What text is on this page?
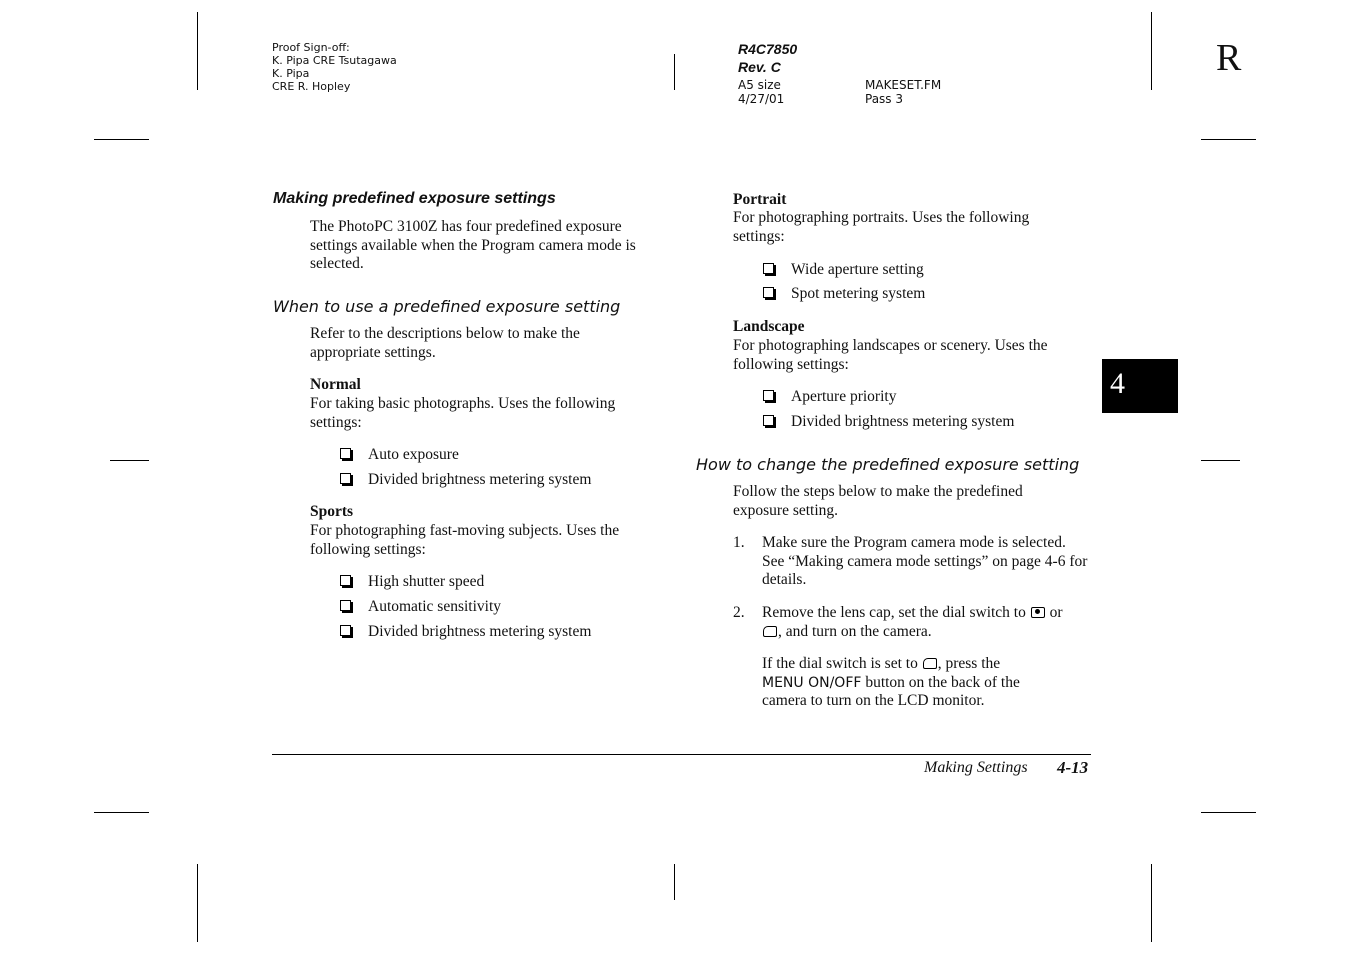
Proof Sign-off:
K. Pipa CRE Tsutagawa
K. Pipa
CRE R. Hopley
R4C7850
Rev. C
A5 size	MAKESET.FM
4/27/01	Pass 3
R
4
Making predefined exposure settings
The PhotoPC 3100Z has four predefined exposure settings available when the Program camera mode is selected.
When to use a predefined exposure setting
Refer to the descriptions below to make the appropriate settings.
Normal
For taking basic photographs. Uses the following settings:
Auto exposure
Divided brightness metering system
Sports
For photographing fast-moving subjects. Uses the following settings:
High shutter speed
Automatic sensitivity
Divided brightness metering system
Portrait
For photographing portraits. Uses the following settings:
Wide aperture setting
Spot metering system
Landscape
For photographing landscapes or scenery. Uses the following settings:
Aperture priority
Divided brightness metering system
How to change the predefined exposure setting
Follow the steps below to make the predefined exposure setting.
1. Make sure the Program camera mode is selected. See “Making camera mode settings” on page 4-6 for details.
2. Remove the lens cap, set the dial switch to or
, and turn on the camera.
If the dial switch is set to , press the
MENU ON/OFF button on the back of the camera to turn on the LCD monitor.
Making Settings 4-13
